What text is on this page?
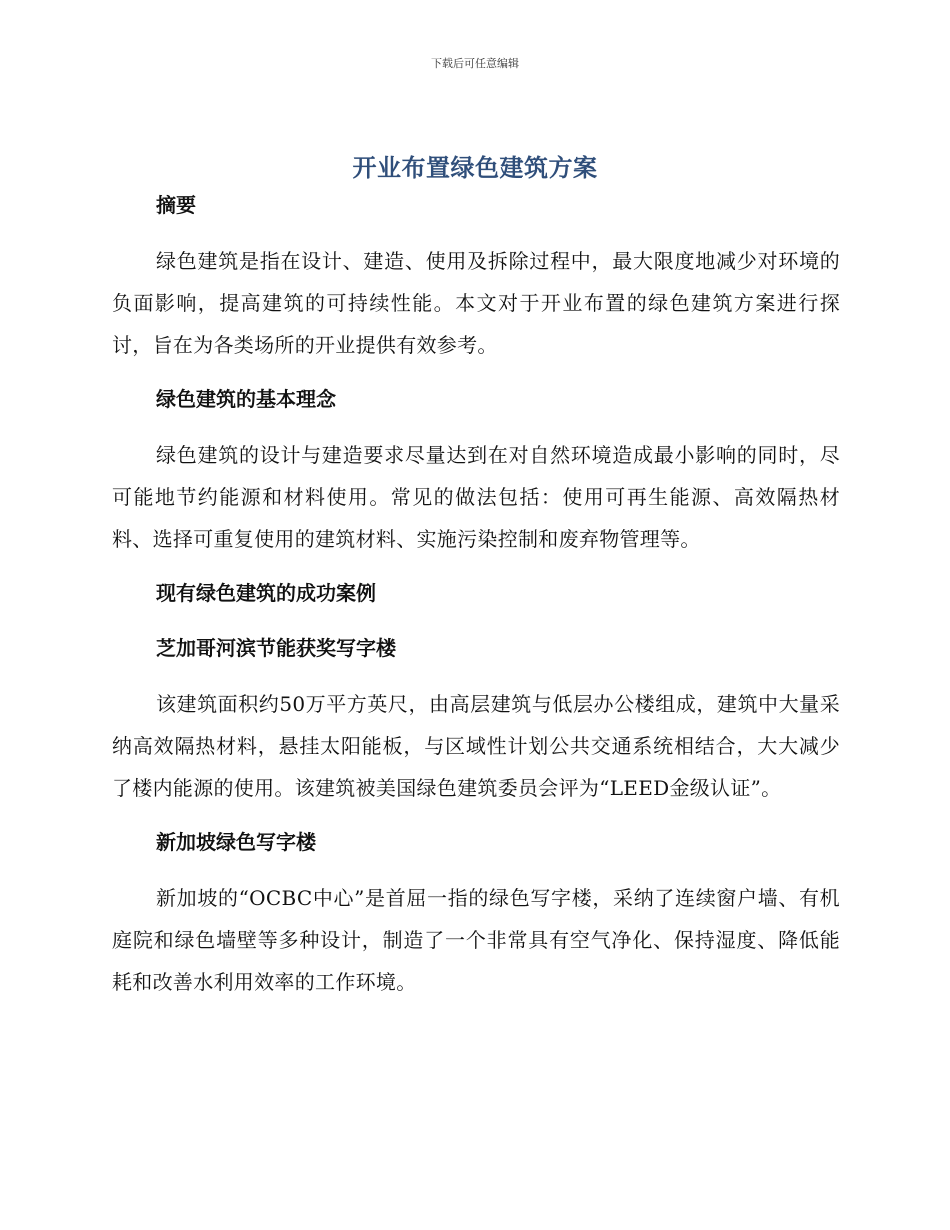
下载后可任意编辑
开业布置绿色建筑方案

摘要

绿色建筑是指在设计、建造、使用及拆除过程中，最大限度地减少对环境的负面影响，提高建筑的可持续性能。本文对于开业布置的绿色建筑方案进行探讨，旨在为各类场所的开业提供有效参考。

绿色建筑的基本理念

绿色建筑的设计与建造要求尽量达到在对自然环境造成最小影响的同时，尽可能地节约能源和材料使用。常见的做法包括：使用可再生能源、高效隔热材料、选择可重复使用的建筑材料、实施污染控制和废弃物管理等。

现有绿色建筑的成功案例

芝加哥河滨节能获奖写字楼

该建筑面积约50万平方英尺，由高层建筑与低层办公楼组成，建筑中大量采纳高效隔热材料，悬挂太阳能板，与区域性计划公共交通系统相结合，大大减少了楼内能源的使用。该建筑被美国绿色建筑委员会评为“LEED金级认证”。

新加坡绿色写字楼

新加坡的“OCBC中心”是首屈一指的绿色写字楼，采纳了连续窗户墙、有机庭院和绿色墙壁等多种设计，制造了一个非常具有空气净化、保持湿度、降低能耗和改善水利用效率的工作环境。
